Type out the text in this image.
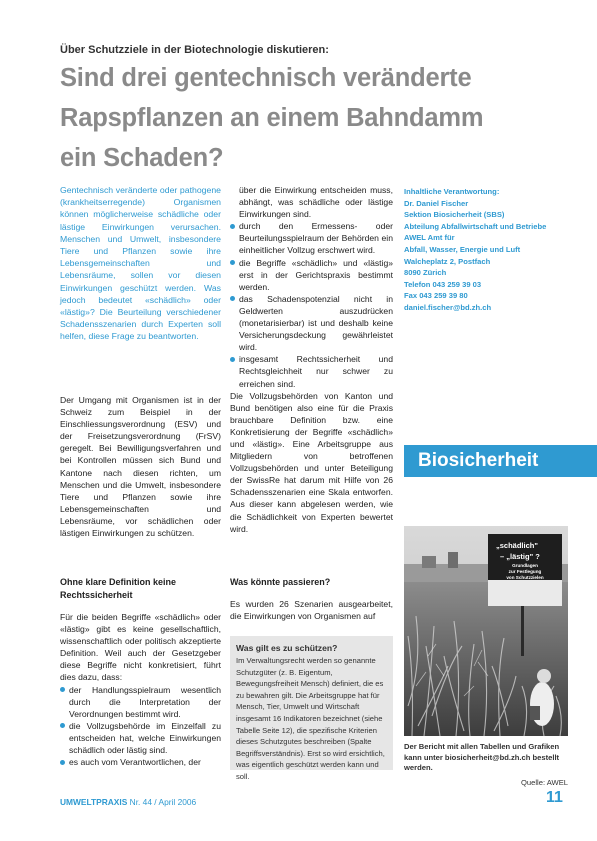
Über Schutzziele in der Biotechnologie diskutieren:
Sind drei gentechnisch veränderte
Rapspflanzen an einem Bahndamm
ein Schaden?
Gentechnisch veränderte oder pathogene (krankheitserregende) Organismen können möglicherweise schädliche oder lästige Einwirkungen verursachen. Menschen und Umwelt, insbesondere Tiere und Pflanzen sowie ihre Lebensgemeinschaften und Lebensräume, sollen vor diesen Einwirkungen geschützt werden. Was jedoch bedeutet «schädlich» oder «lästig»? Die Beurteilung verschiedener Schadensszenarien durch Experten soll helfen, diese Frage zu beantworten.

Der Umgang mit Organismen ist in der Schweiz zum Beispiel in der Einschliessungsverordnung (ESV) und der Freisetzungsverordnung (FrSV) geregelt. Bei Bewilligungsverfahren und bei Kontrollen müssen sich Bund und Kantone nach diesen richten, um Menschen und die Umwelt, insbesondere Tiere und Pflanzen sowie ihre Lebensgemeinschaften und Lebensräume, vor schädlichen oder lästigen Einwirkungen zu schützen.

Ohne klare Definition keine Rechtssicherheit

Für die beiden Begriffe «schädlich» oder «lästig» gibt es keine gesellschaftlich, wissenschaftlich oder politisch akzeptierte Definition. Weil auch der Gesetzgeber diese Begriffe nicht konkretisiert, führt dies dazu, dass:

der Handlungsspielraum wesentlich durch die Interpretation der Verordnungen bestimmt wird.
die Vollzugsbehörde im Einzelfall zu entscheiden hat, welche Einwirkungen schädlich oder lästig sind.
es auch vom Verantwortlichen, der

über die Einwirkung entscheiden muss, abhängt, was schädliche oder lästige Einwirkungen sind.

durch den Ermessens- oder Beurteilungsspielraum der Behörden ein einheitlicher Vollzug erschwert wird.
die Begriffe «schädlich» und «lästig» erst in der Gerichtspraxis bestimmt werden.
das Schadenspotenzial nicht in Geldwerten auszudrücken (monetarisierbar) ist und deshalb keine Versicherungsdeckung gewährleistet wird.
insgesamt Rechtssicherheit und Rechtsgleichheit nur schwer zu erreichen sind.

Die Vollzugsbehörden von Kanton und Bund benötigen also eine für die Praxis brauchbare Definition bzw. eine Konkretisierung der Begriffe «schädlich» und «lästig». Eine Arbeitsgruppe aus Mitgliedern von betroffenen Vollzugsbehörden und unter Beteiligung der SwissRe hat darum mit Hilfe von 26 Schadensszenarien eine Skala entworfen. Aus dieser kann abgelesen werden, wie die Schädlichkeit von Experten bewertet wird.

Was könnte passieren?

Es wurden 26 Szenarien ausgearbeitet, die Einwirkungen von Organismen auf

Was gilt es zu schützen?
Im Verwaltungsrecht werden so genannte Schutzgüter (z. B. Eigentum, Bewegungsfreiheit Mensch) definiert, die es zu bewahren gilt. Die Arbeitsgruppe hat für Mensch, Tier, Umwelt und Wirtschaft insgesamt 16 Indikatoren bezeichnet (siehe Tabelle Seite 12), die spezifische Kriterien dieses Schutzgutes beschreiben (Spalte Begriffsverständnis). Erst so wird ersichtlich, was eigentlich geschützt werden kann und soll.
Inhaltliche Verantwortung:
Dr. Daniel Fischer
Sektion Biosicherheit (SBS)
Abteilung Abfallwirtschaft und Betriebe
AWEL Amt für
Abfall, Wasser, Energie und Luft
Walcheplatz 2, Postfach
8090 Zürich
Telefon 043 259 39 03
Fax 043 259 39 80
daniel.fischer@bd.zh.ch
Biosicherheit
„schädlich"
– „lästig" ?
Grundlagen
zur Festlegung
von Schutzzielen
Der Bericht mit allen Tabellen und Grafiken kann unter biosicherheit@bd.zh.ch bestellt werden.
Quelle: AWEL
UMWELTPRAXIS Nr. 44 / April 2006	11
